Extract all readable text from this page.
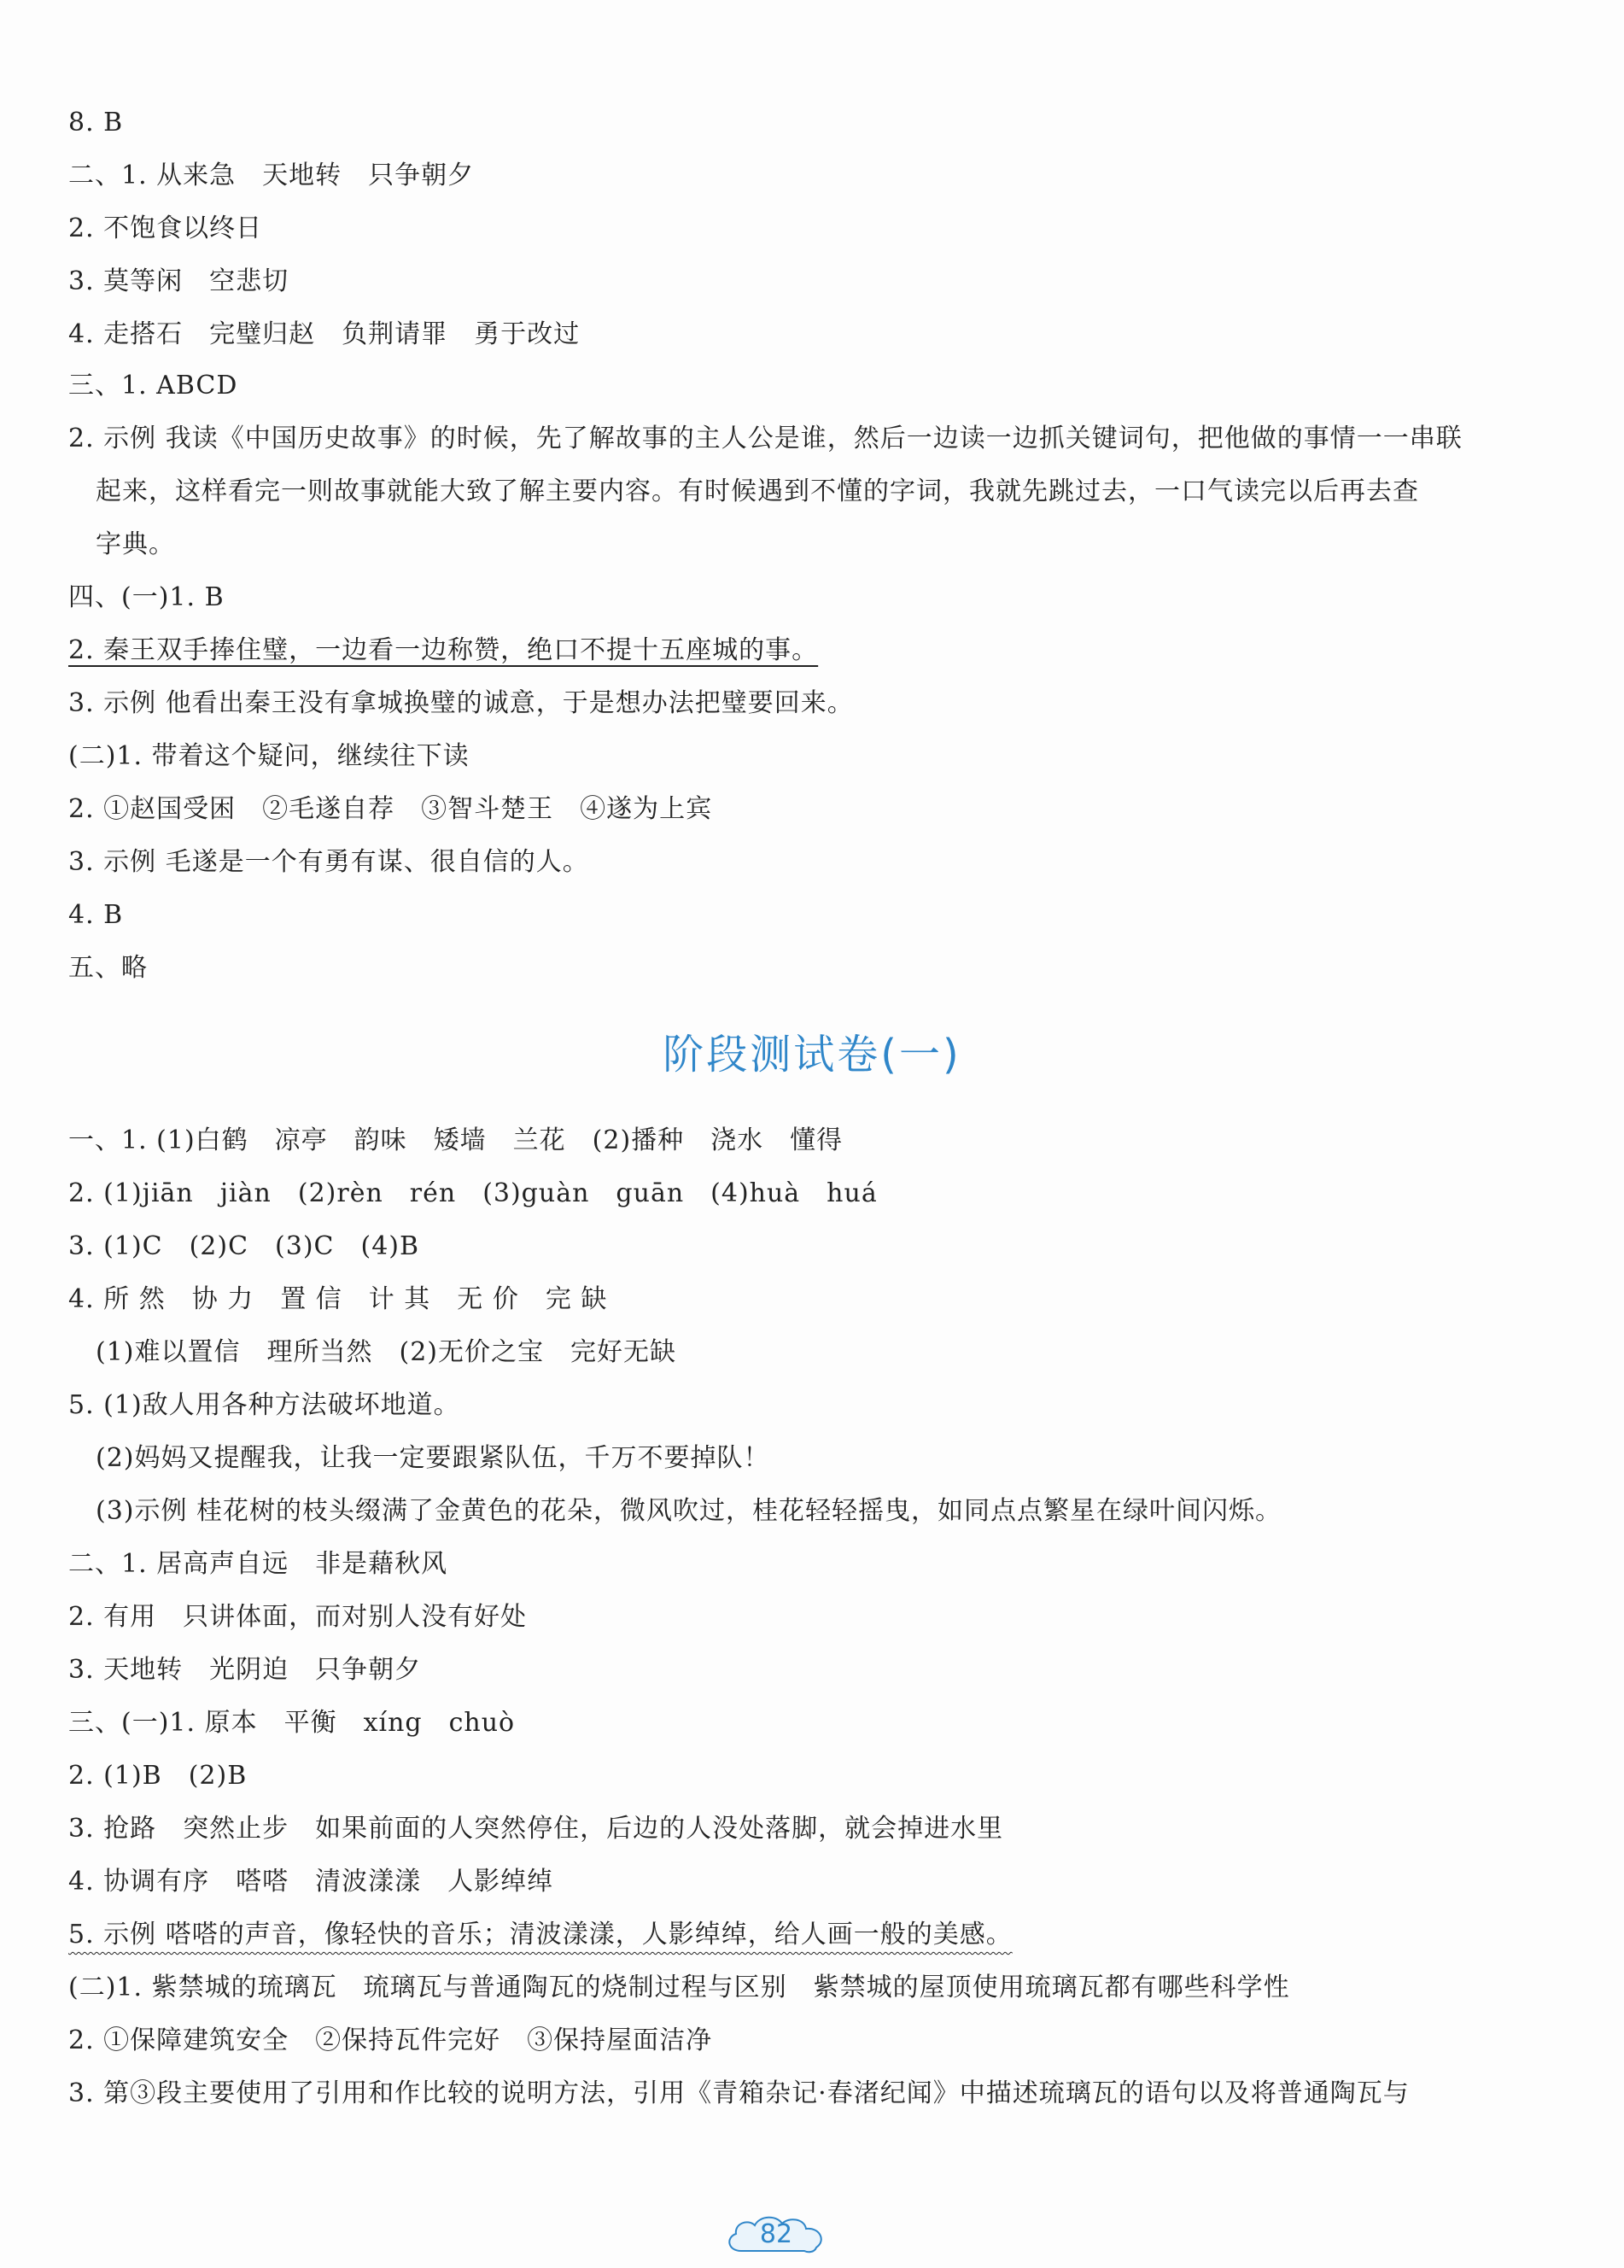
8. B
二、1. 从来急　天地转　只争朝夕
2. 不饱食以终日
3. 莫等闲　空悲切
4. 走搭石　完璧归赵　负荆请罪　勇于改过
三、1. ABCD
2. 示例 我读《中国历史故事》的时候，先了解故事的主人公是谁，然后一边读一边抓关键词句，把他做的事情一一串联
起来，这样看完一则故事就能大致了解主要内容。有时候遇到不懂的字词，我就先跳过去，一口气读完以后再去查
字典。
四、(一)1. B
2. 秦王双手捧住璧，一边看一边称赞，绝口不提十五座城的事。
3. 示例 他看出秦王没有拿城换璧的诚意，于是想办法把璧要回来。
(二)1. 带着这个疑问，继续往下读
2. ①赵国受困　②毛遂自荐　③智斗楚王　④遂为上宾
3. 示例 毛遂是一个有勇有谋、很自信的人。
4. B
五、略
阶段测试卷(一)
一、1. (1)白鹤　凉亭　韵味　矮墙　兰花　(2)播种　浇水　懂得
2. (1)jiān　jiàn　(2)rèn　rén　(3)guàn　guān　(4)huà　huá
3. (1)C　(2)C　(3)C　(4)B
4. 所 然　协 力　置 信　计 其　无 价　完 缺
(1)难以置信　理所当然　(2)无价之宝　完好无缺
5. (1)敌人用各种方法破坏地道。
(2)妈妈又提醒我，让我一定要跟紧队伍，千万不要掉队！
(3)示例 桂花树的枝头缀满了金黄色的花朵，微风吹过，桂花轻轻摇曳，如同点点繁星在绿叶间闪烁。
二、1. 居高声自远　非是藉秋风
2. 有用　只讲体面，而对别人没有好处
3. 天地转　光阴迫　只争朝夕
三、(一)1. 原本　平衡　xíng　chuò
2. (1)B　(2)B
3. 抢路　突然止步　如果前面的人突然停住，后边的人没处落脚，就会掉进水里
4. 协调有序　嗒嗒　清波漾漾　人影绰绰
5. 示例 嗒嗒的声音，像轻快的音乐；清波漾漾，人影绰绰，给人画一般的美感。
(二)1. 紫禁城的琉璃瓦　琉璃瓦与普通陶瓦的烧制过程与区别　紫禁城的屋顶使用琉璃瓦都有哪些科学性
2. ①保障建筑安全　②保持瓦件完好　③保持屋面洁净
3. 第③段主要使用了引用和作比较的说明方法，引用《青箱杂记·春渚纪闻》中描述琉璃瓦的语句以及将普通陶瓦与
82
